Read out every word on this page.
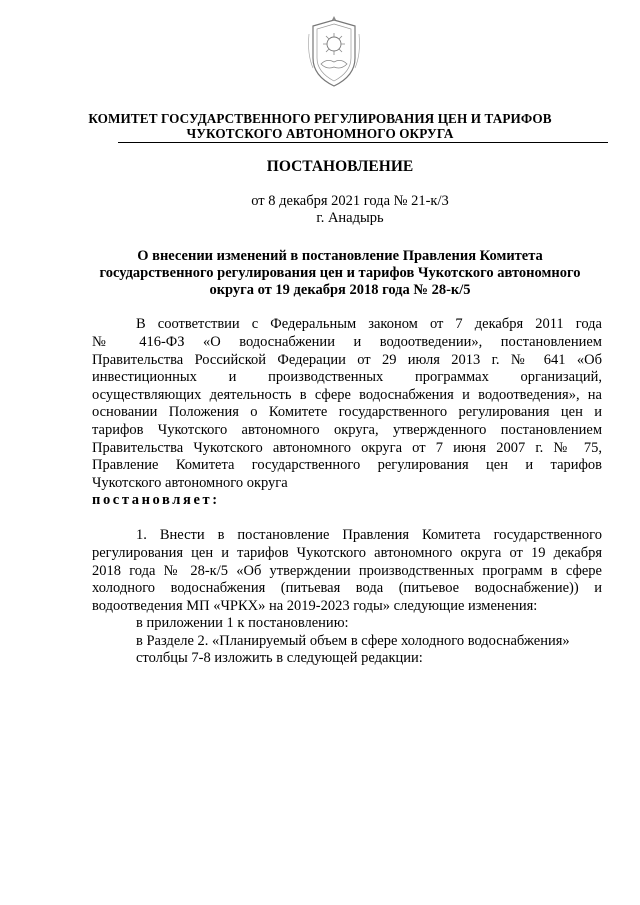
КОМИТЕТ ГОСУДАРСТВЕННОГО РЕГУЛИРОВАНИЯ ЦЕН И ТАРИФОВ
ЧУКОТСКОГО АВТОНОМНОГО ОКРУГА
ПОСТАНОВЛЕНИЕ
от 8 декабря 2021 года № 21-к/3
г. Анадырь
О внесении изменений в постановление Правления Комитета
государственного регулирования цен и тарифов Чукотского автономного
округа от 19 декабря 2018 года № 28-к/5
В соответствии с Федеральным законом от 7 декабря 2011 года
№ 416-ФЗ «О водоснабжении и водоотведении», постановлением
Правительства Российской Федерации от 29 июля 2013 г. № 641 «Об
инвестиционных и производственных программах организаций,
осуществляющих деятельность в сфере водоснабжения и водоотведения», на
основании Положения о Комитете государственного регулирования цен и
тарифов Чукотского автономного округа, утвержденного постановлением
Правительства Чукотского автономного округа от 7 июня 2007 г. № 75,
Правление Комитета государственного регулирования цен и тарифов
Чукотского автономного округа
постановляет:
1. Внести в постановление Правления Комитета государственного
регулирования цен и тарифов Чукотского автономного округа от 19 декабря
2018 года № 28-к/5 «Об утверждении производственных программ в сфере
холодного водоснабжения (питьевая вода (питьевое водоснабжение)) и
водоотведения МП «ЧРКХ» на 2019-2023 годы» следующие изменения:
в приложении 1 к постановлению:
в Разделе 2. «Планируемый объем в сфере холодного водоснабжения»
столбцы 7-8 изложить в следующей редакции:
